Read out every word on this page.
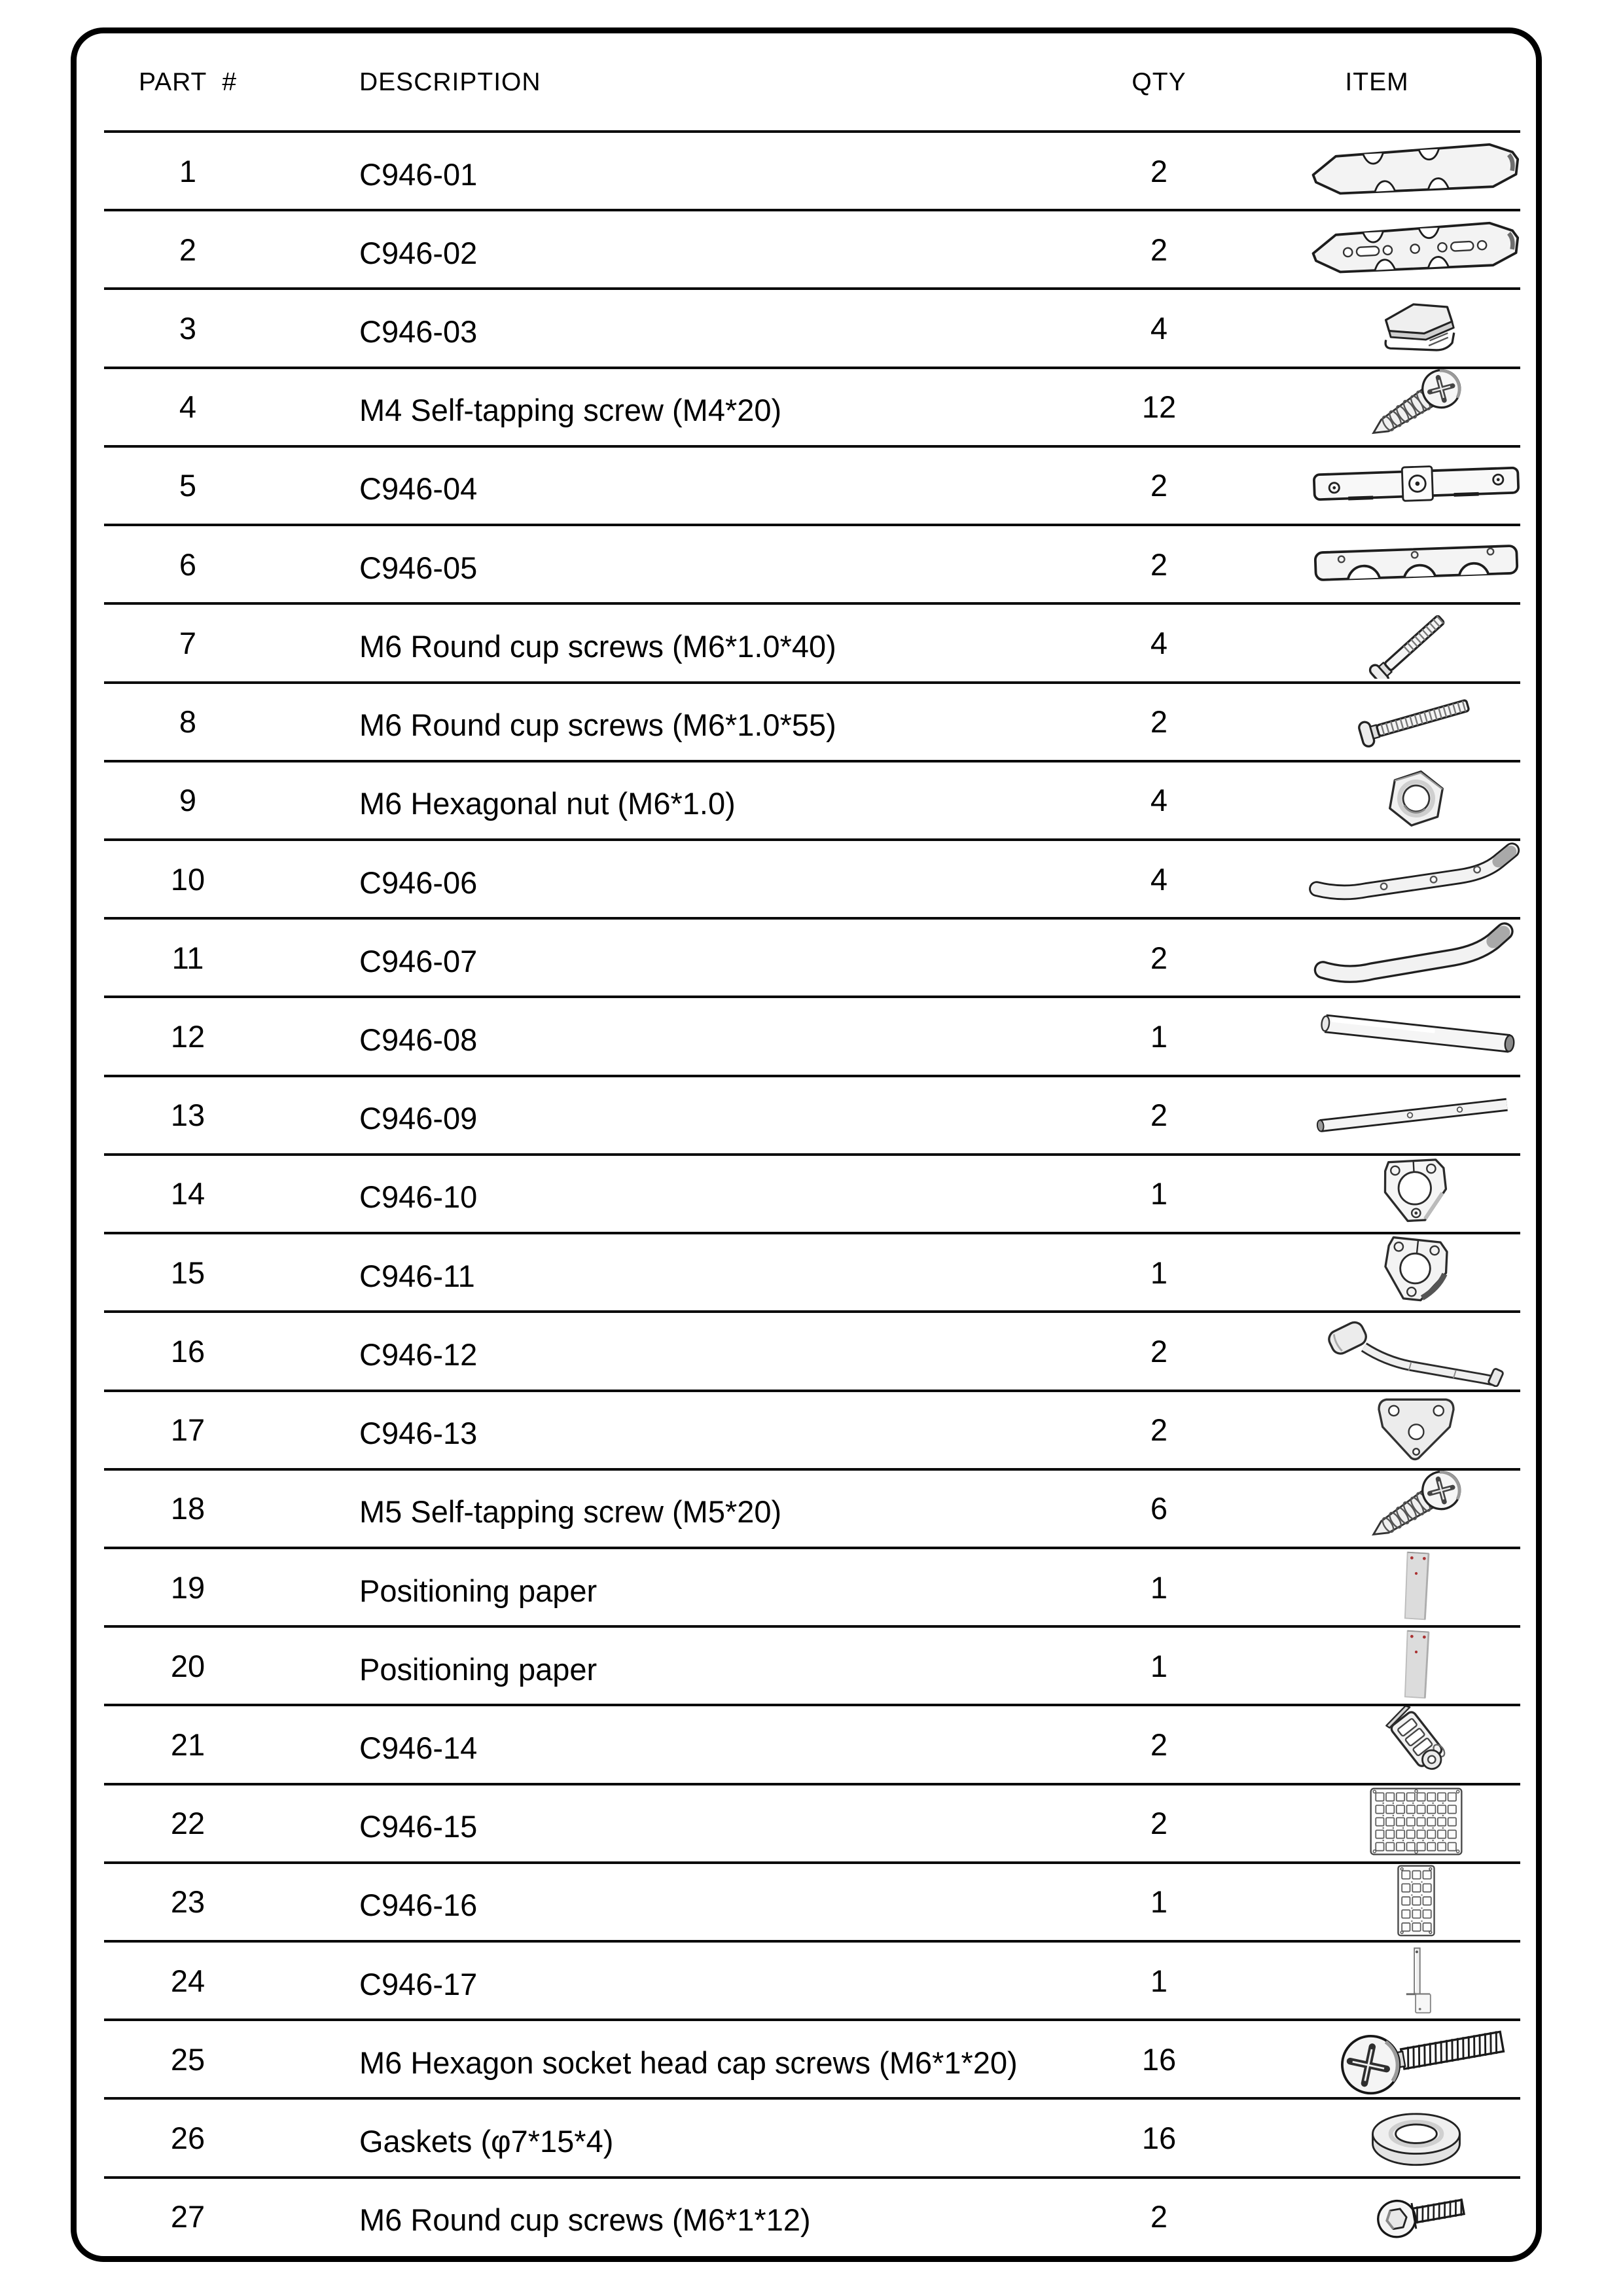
PART  #	DESCRIPTION	QTY	ITEM
1	C946-01	2
2	C946-02	2
3	C946-03	4
4	M4 Self-tapping screw (M4*20)	12
5	C946-04	2
6	C946-05	2
7	M6 Round cup screws (M6*1.0*40)	4
8	M6 Round cup screws (M6*1.0*55)	2
9	M6 Hexagonal nut (M6*1.0)	4
10	C946-06	4
11	C946-07	2
12	C946-08	1
13	C946-09	2
14	C946-10	1
15	C946-11	1
16	C946-12	2
17	C946-13	2
18	M5 Self-tapping screw (M5*20)	6
19	Positioning paper	1
20	Positioning paper	1
21	C946-14	2
22	C946-15	2
23	C946-16	1
24	C946-17	1
25	M6 Hexagon socket head cap screws (M6*1*20)	16
26	Gaskets (φ7*15*4)	16
27	M6 Round cup screws (M6*1*12)	2
